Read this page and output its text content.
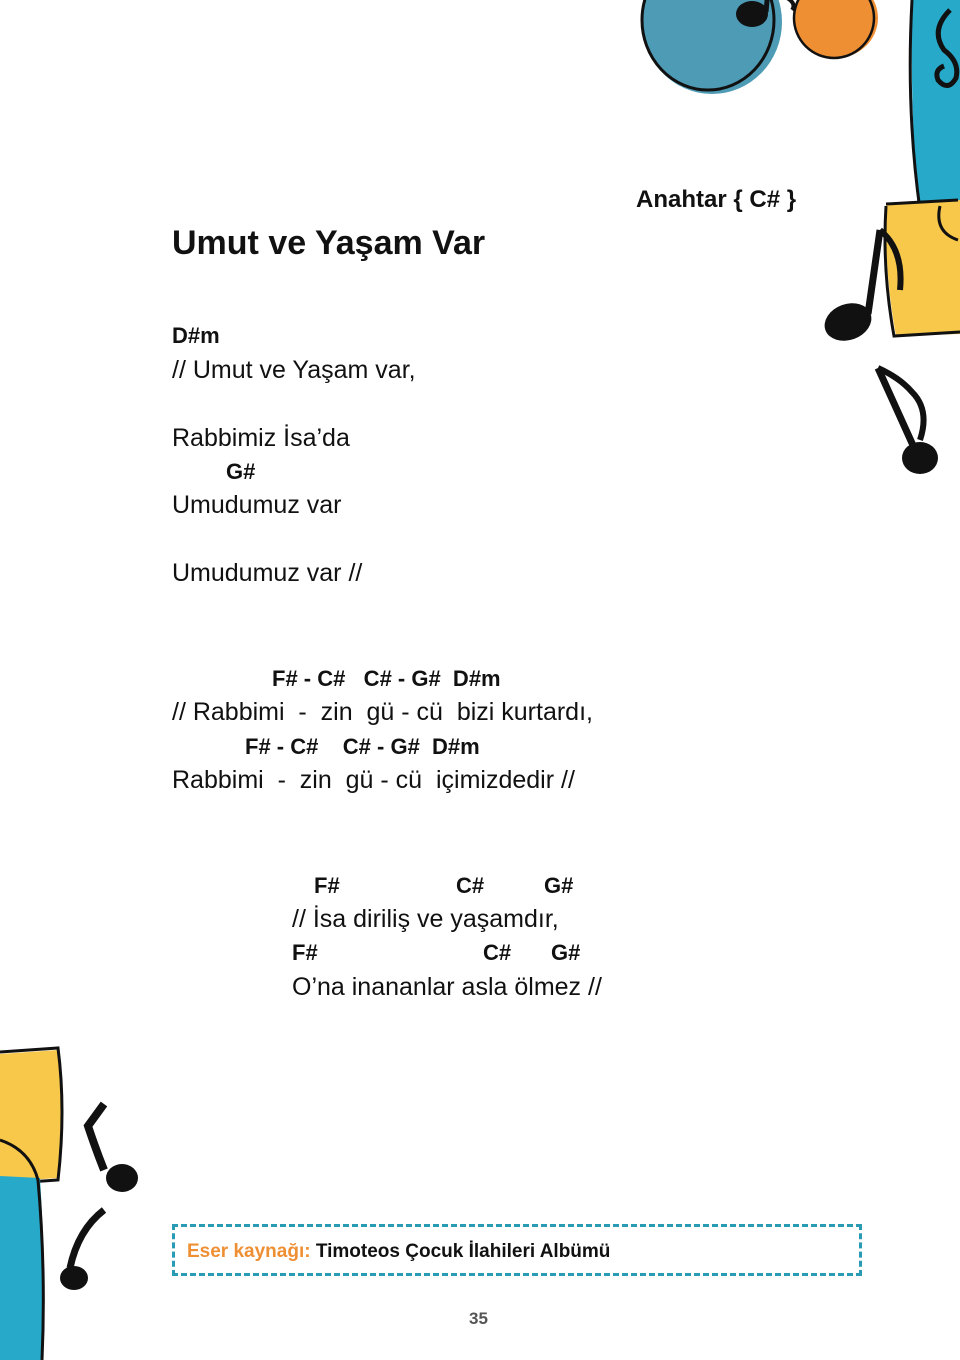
Anahtar { C# }
Umut ve Yaşam Var
D#m
// Umut ve Yaşam var,
Rabbimiz İsa’da
G#
Umudumuz var
Umudumuz var //
F# - C#   C# - G#  D#m
// Rabbimi  -  zin  gü - cü  bizi kurtardı,
F# - C#    C# - G#  D#m
Rabbimi  -  zin  gü - cü  içimizdedir //
F#	C#	G#
// İsa diriliş ve yaşamdır,
F#	C# G#
O’na inananlar asla ölmez //
Eser kaynağı: Timoteos Çocuk İlahileri Albümü
35
